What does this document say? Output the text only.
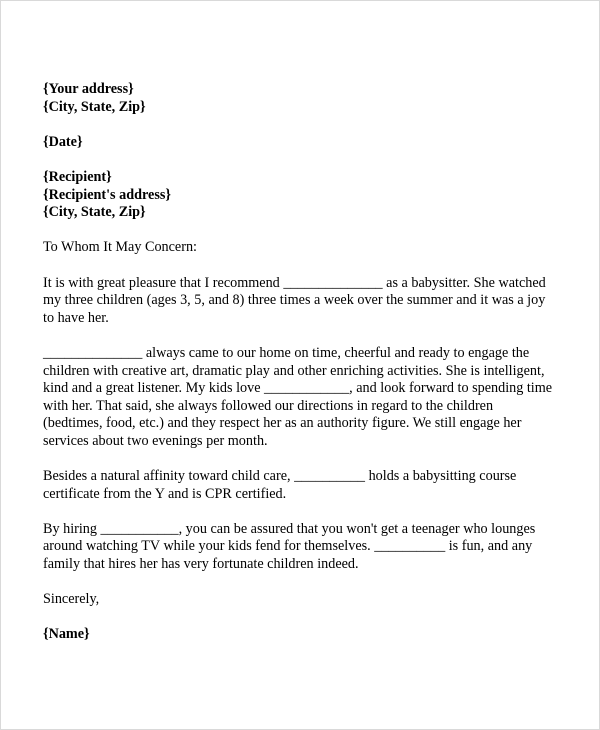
{Your address}
{City, State, Zip}
{Date}
{Recipient}
{Recipient's address}
{City, State, Zip}
To Whom It May Concern:
It is with great pleasure that I recommend ______________ as a babysitter. She watched
my three children (ages 3, 5, and 8) three times a week over the summer and it was a joy
to have her.
______________ always came to our home on time, cheerful and ready to engage the
children with creative art, dramatic play and other enriching activities. She is intelligent,
kind and a great listener. My kids love ____________, and look forward to spending time
with her. That said, she always followed our directions in regard to the children
(bedtimes, food, etc.) and they respect her as an authority figure. We still engage her
services about two evenings per month.
Besides a natural affinity toward child care, __________ holds a babysitting course
certificate from the Y and is CPR certified.
By hiring ___________, you can be assured that you won't get a teenager who lounges
around watching TV while your kids fend for themselves. __________ is fun, and any
family that hires her has very fortunate children indeed.
Sincerely,
{Name}
